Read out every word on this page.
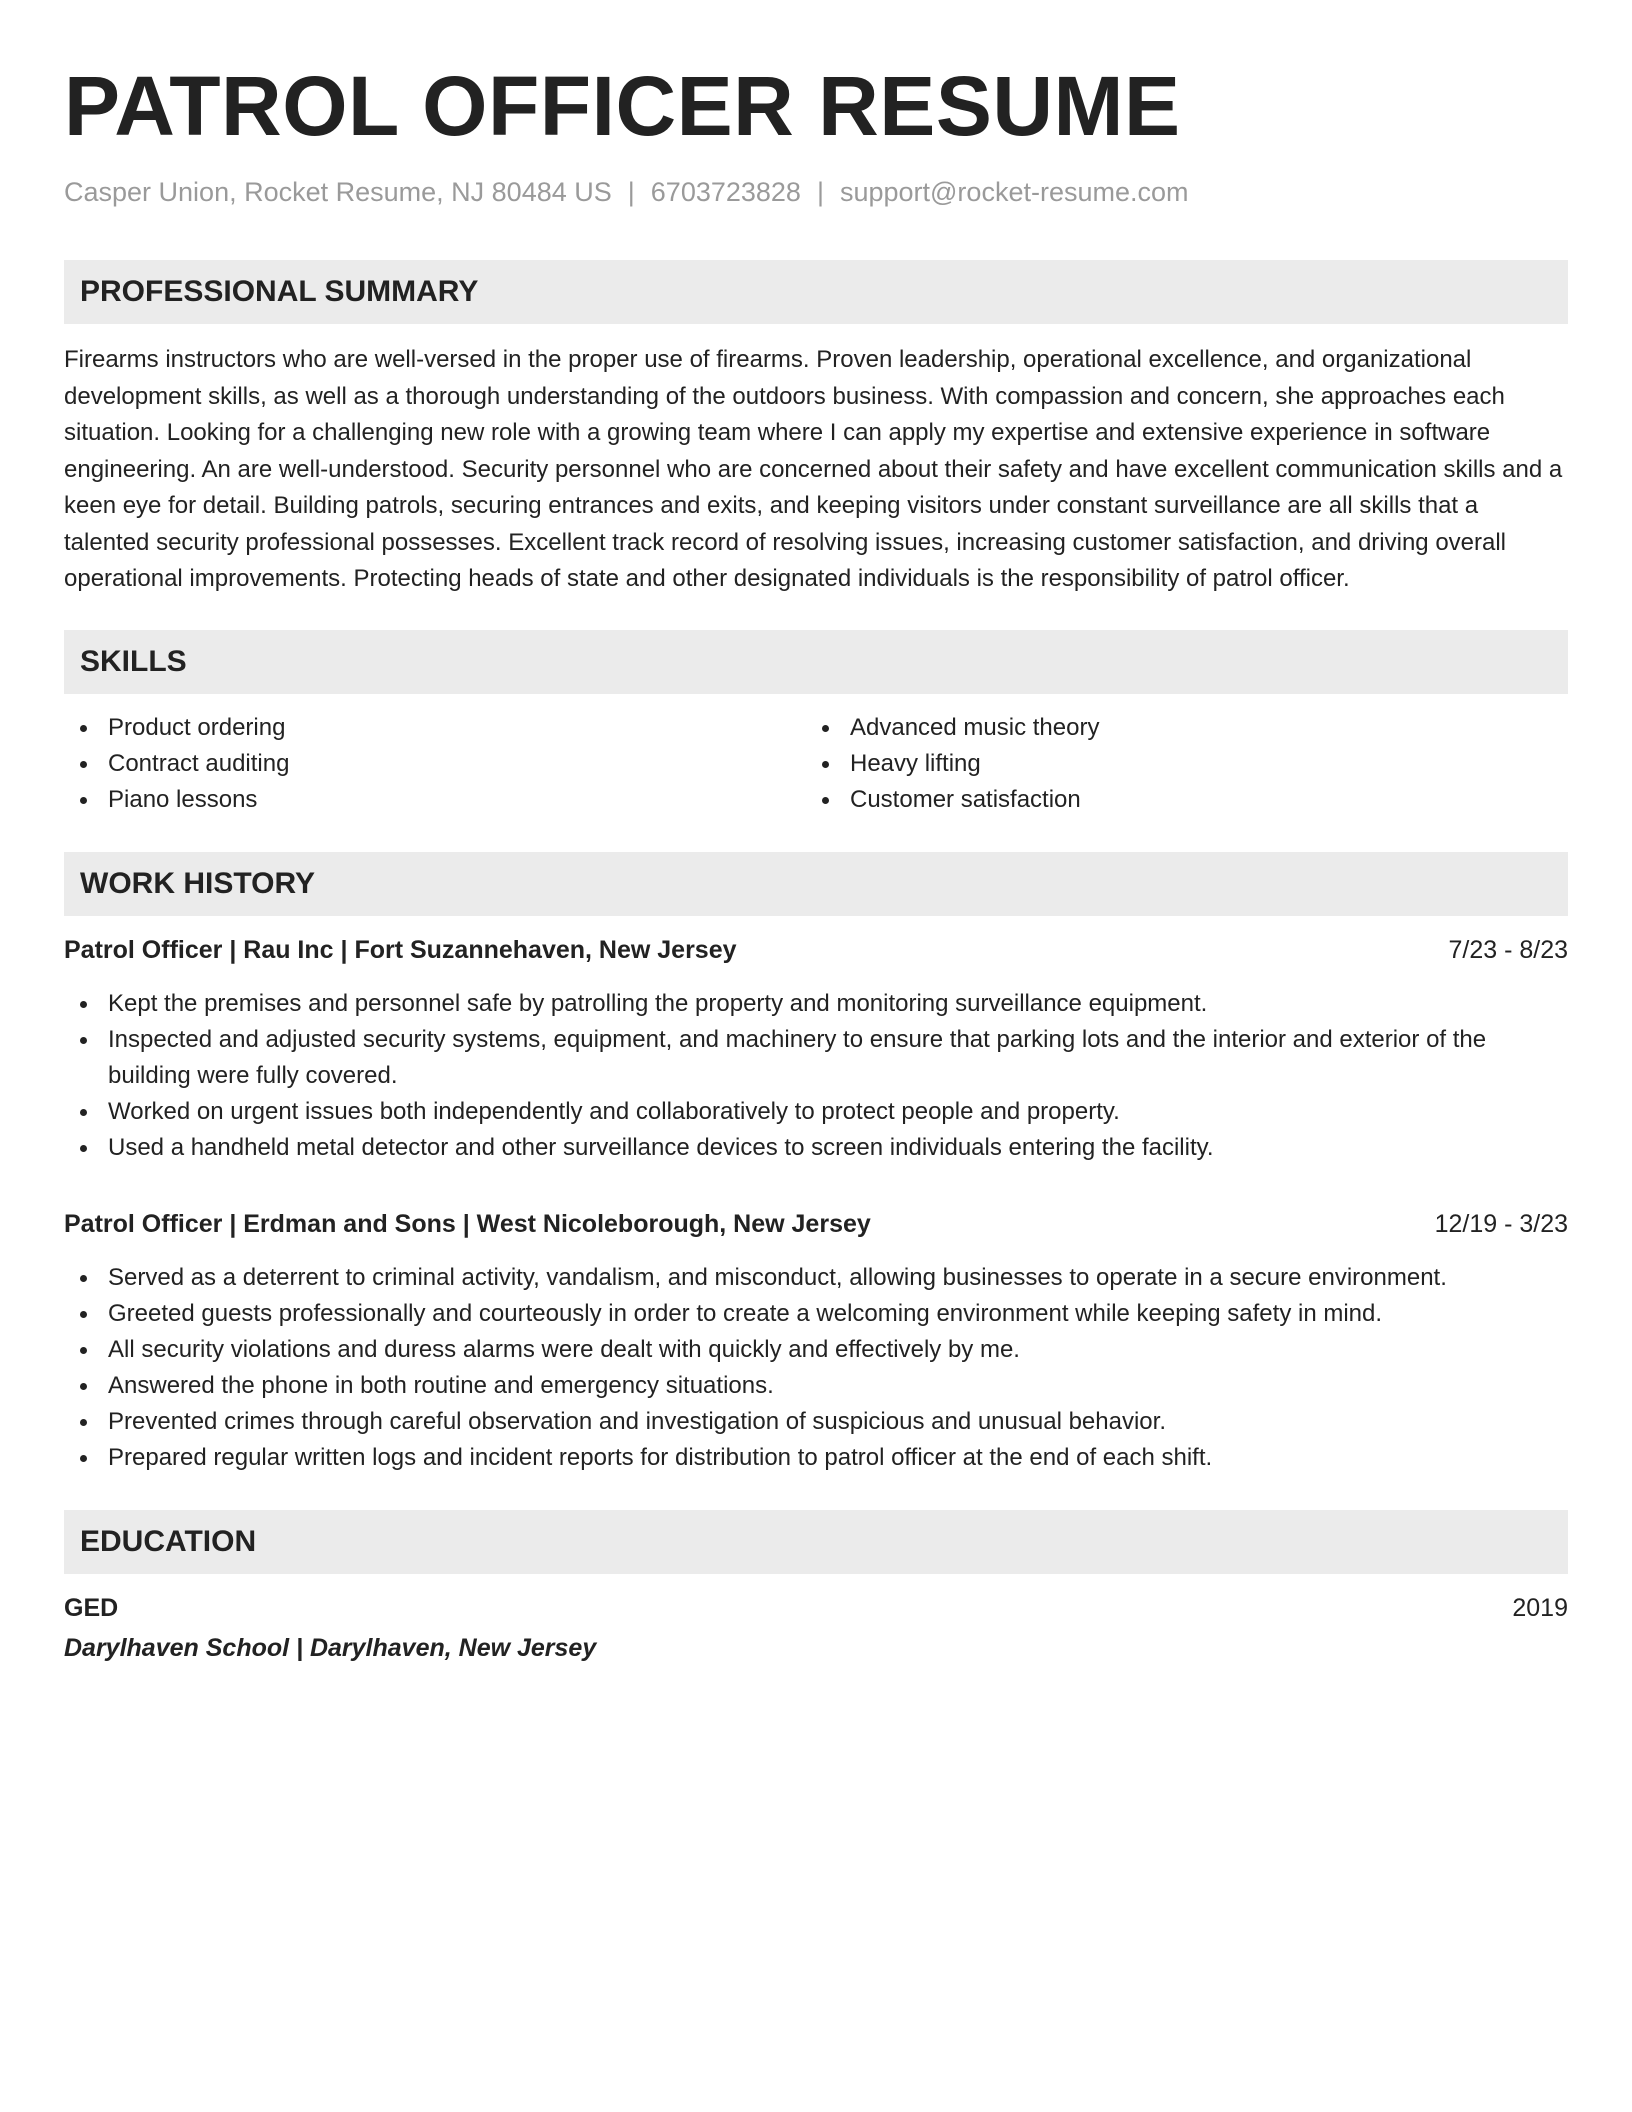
PATROL OFFICER RESUME
Casper Union, Rocket Resume, NJ 80484 US | 6703723828 | support@rocket-resume.com
PROFESSIONAL SUMMARY
Firearms instructors who are well-versed in the proper use of firearms. Proven leadership, operational excellence, and organizational development skills, as well as a thorough understanding of the outdoors business. With compassion and concern, she approaches each situation. Looking for a challenging new role with a growing team where I can apply my expertise and extensive experience in software engineering. An are well-understood. Security personnel who are concerned about their safety and have excellent communication skills and a keen eye for detail. Building patrols, securing entrances and exits, and keeping visitors under constant surveillance are all skills that a talented security professional possesses. Excellent track record of resolving issues, increasing customer satisfaction, and driving overall operational improvements. Protecting heads of state and other designated individuals is the responsibility of patrol officer.
SKILLS
Product ordering
Contract auditing
Piano lessons
Advanced music theory
Heavy lifting
Customer satisfaction
WORK HISTORY
Patrol Officer | Rau Inc | Fort Suzannehaven, New Jersey	7/23 - 8/23
Kept the premises and personnel safe by patrolling the property and monitoring surveillance equipment.
Inspected and adjusted security systems, equipment, and machinery to ensure that parking lots and the interior and exterior of the building were fully covered.
Worked on urgent issues both independently and collaboratively to protect people and property.
Used a handheld metal detector and other surveillance devices to screen individuals entering the facility.
Patrol Officer | Erdman and Sons | West Nicoleborough, New Jersey	12/19 - 3/23
Served as a deterrent to criminal activity, vandalism, and misconduct, allowing businesses to operate in a secure environment.
Greeted guests professionally and courteously in order to create a welcoming environment while keeping safety in mind.
All security violations and duress alarms were dealt with quickly and effectively by me.
Answered the phone in both routine and emergency situations.
Prevented crimes through careful observation and investigation of suspicious and unusual behavior.
Prepared regular written logs and incident reports for distribution to patrol officer at the end of each shift.
EDUCATION
GED	2019
Darylhaven School | Darylhaven, New Jersey
